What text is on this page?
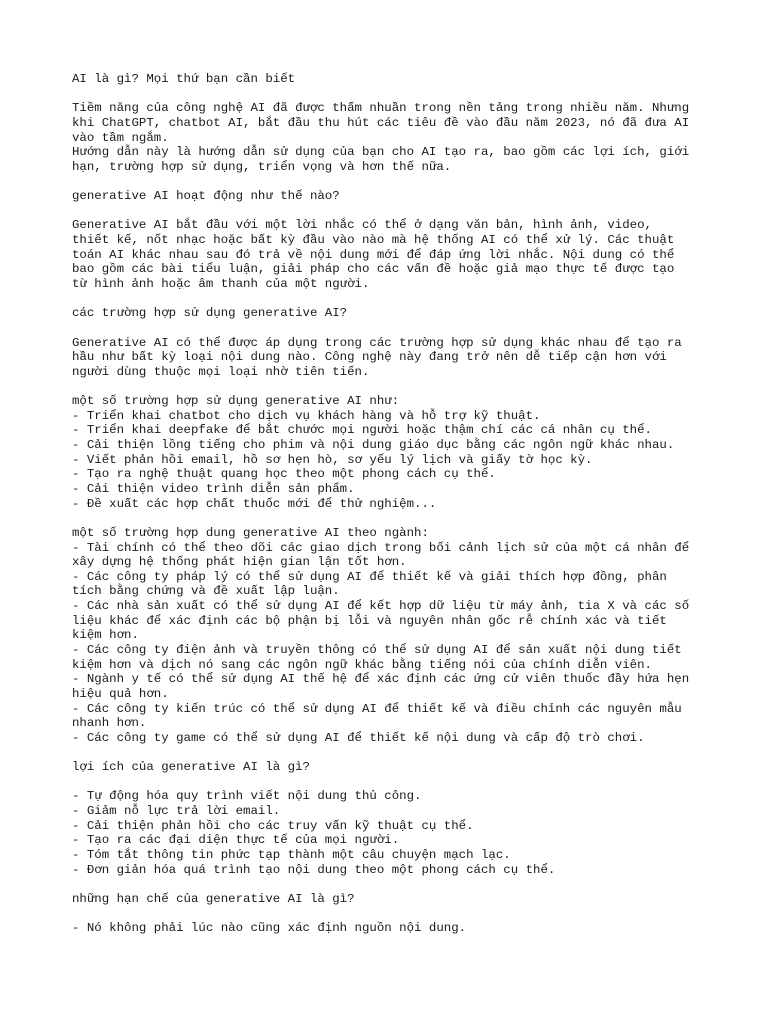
AI là gì? Mọi thứ bạn cần biết
Tiềm năng của công nghệ AI đã được thấm nhuần trong nền tảng trong nhiều năm. Nhưng
khi ChatGPT, chatbot AI, bắt đầu thu hút các tiêu đề vào đầu năm 2023, nó đã đưa AI
vào tầm ngắm.
Hướng dẫn này là hướng dẫn sử dụng của bạn cho AI tạo ra, bao gồm các lợi ích, giới
hạn, trường hợp sử dụng, triển vọng và hơn thế nữa.
generative AI hoạt động như thế nào?
Generative AI bắt đầu với một lời nhắc có thể ở dạng văn bản, hình ảnh, video,
thiết kế, nốt nhạc hoặc bất kỳ đầu vào nào mà hệ thống AI có thể xử lý. Các thuật
toán AI khác nhau sau đó trả về nội dung mới để đáp ứng lời nhắc. Nội dung có thể
bao gồm các bài tiểu luận, giải pháp cho các vấn đề hoặc giả mạo thực tế được tạo
từ hình ảnh hoặc âm thanh của một người.
các trường hợp sử dụng generative AI?
Generative AI có thể được áp dụng trong các trường hợp sử dụng khác nhau để tạo ra
hầu như bất kỳ loại nội dung nào. Công nghệ này đang trở nên dễ tiếp cận hơn với
người dùng thuộc mọi loại nhờ tiên tiến.
một số trường hợp sử dụng generative AI như:
- Triển khai chatbot cho dịch vụ khách hàng và hỗ trợ kỹ thuật.
- Triển khai deepfake để bắt chước mọi người hoặc thậm chí các cá nhân cụ thể.
- Cải thiện lồng tiếng cho phim và nội dung giáo dục bằng các ngôn ngữ khác nhau.
- Viết phản hồi email, hồ sơ hẹn hò, sơ yếu lý lịch và giấy tờ học kỳ.
- Tạo ra nghệ thuật quang học theo một phong cách cụ thể.
- Cải thiện video trình diễn sản phẩm.
- Đề xuất các hợp chất thuốc mới để thử nghiệm...
một số trường hợp dung generative AI theo ngành:
- Tài chính có thể theo dõi các giao dịch trong bối cảnh lịch sử của một cá nhân để
xây dựng hệ thống phát hiện gian lận tốt hơn.
- Các công ty pháp lý có thể sử dụng AI để thiết kế và giải thích hợp đồng, phân
tích bằng chứng và đề xuất lập luận.
- Các nhà sản xuất có thể sử dụng AI để kết hợp dữ liệu từ máy ảnh, tia X và các số
liệu khác để xác định các bộ phận bị lỗi và nguyên nhân gốc rễ chính xác và tiết
kiệm hơn.
- Các công ty điện ảnh và truyền thông có thể sử dụng AI để sản xuất nội dung tiết
kiệm hơn và dịch nó sang các ngôn ngữ khác bằng tiếng nói của chính diễn viên.
- Ngành y tế có thể sử dụng AI thế hệ để xác định các ứng cử viên thuốc đầy hứa hẹn
hiệu quả hơn.
- Các công ty kiến trúc có thể sử dụng AI để thiết kế và điều chỉnh các nguyên mẫu
nhanh hơn.
- Các công ty game có thể sử dụng AI để thiết kế nội dung và cấp độ trò chơi.
lợi ích của generative AI là gì?
- Tự động hóa quy trình viết nội dung thủ công.
- Giảm nỗ lực trả lời email.
- Cải thiện phản hồi cho các truy vấn kỹ thuật cụ thể.
- Tạo ra các đại diện thực tế của mọi người.
- Tóm tắt thông tin phức tạp thành một câu chuyện mạch lạc.
- Đơn giản hóa quá trình tạo nội dung theo một phong cách cụ thể.
những hạn chế của generative AI là gì?
- Nó không phải lúc nào cũng xác định nguồn nội dung.
